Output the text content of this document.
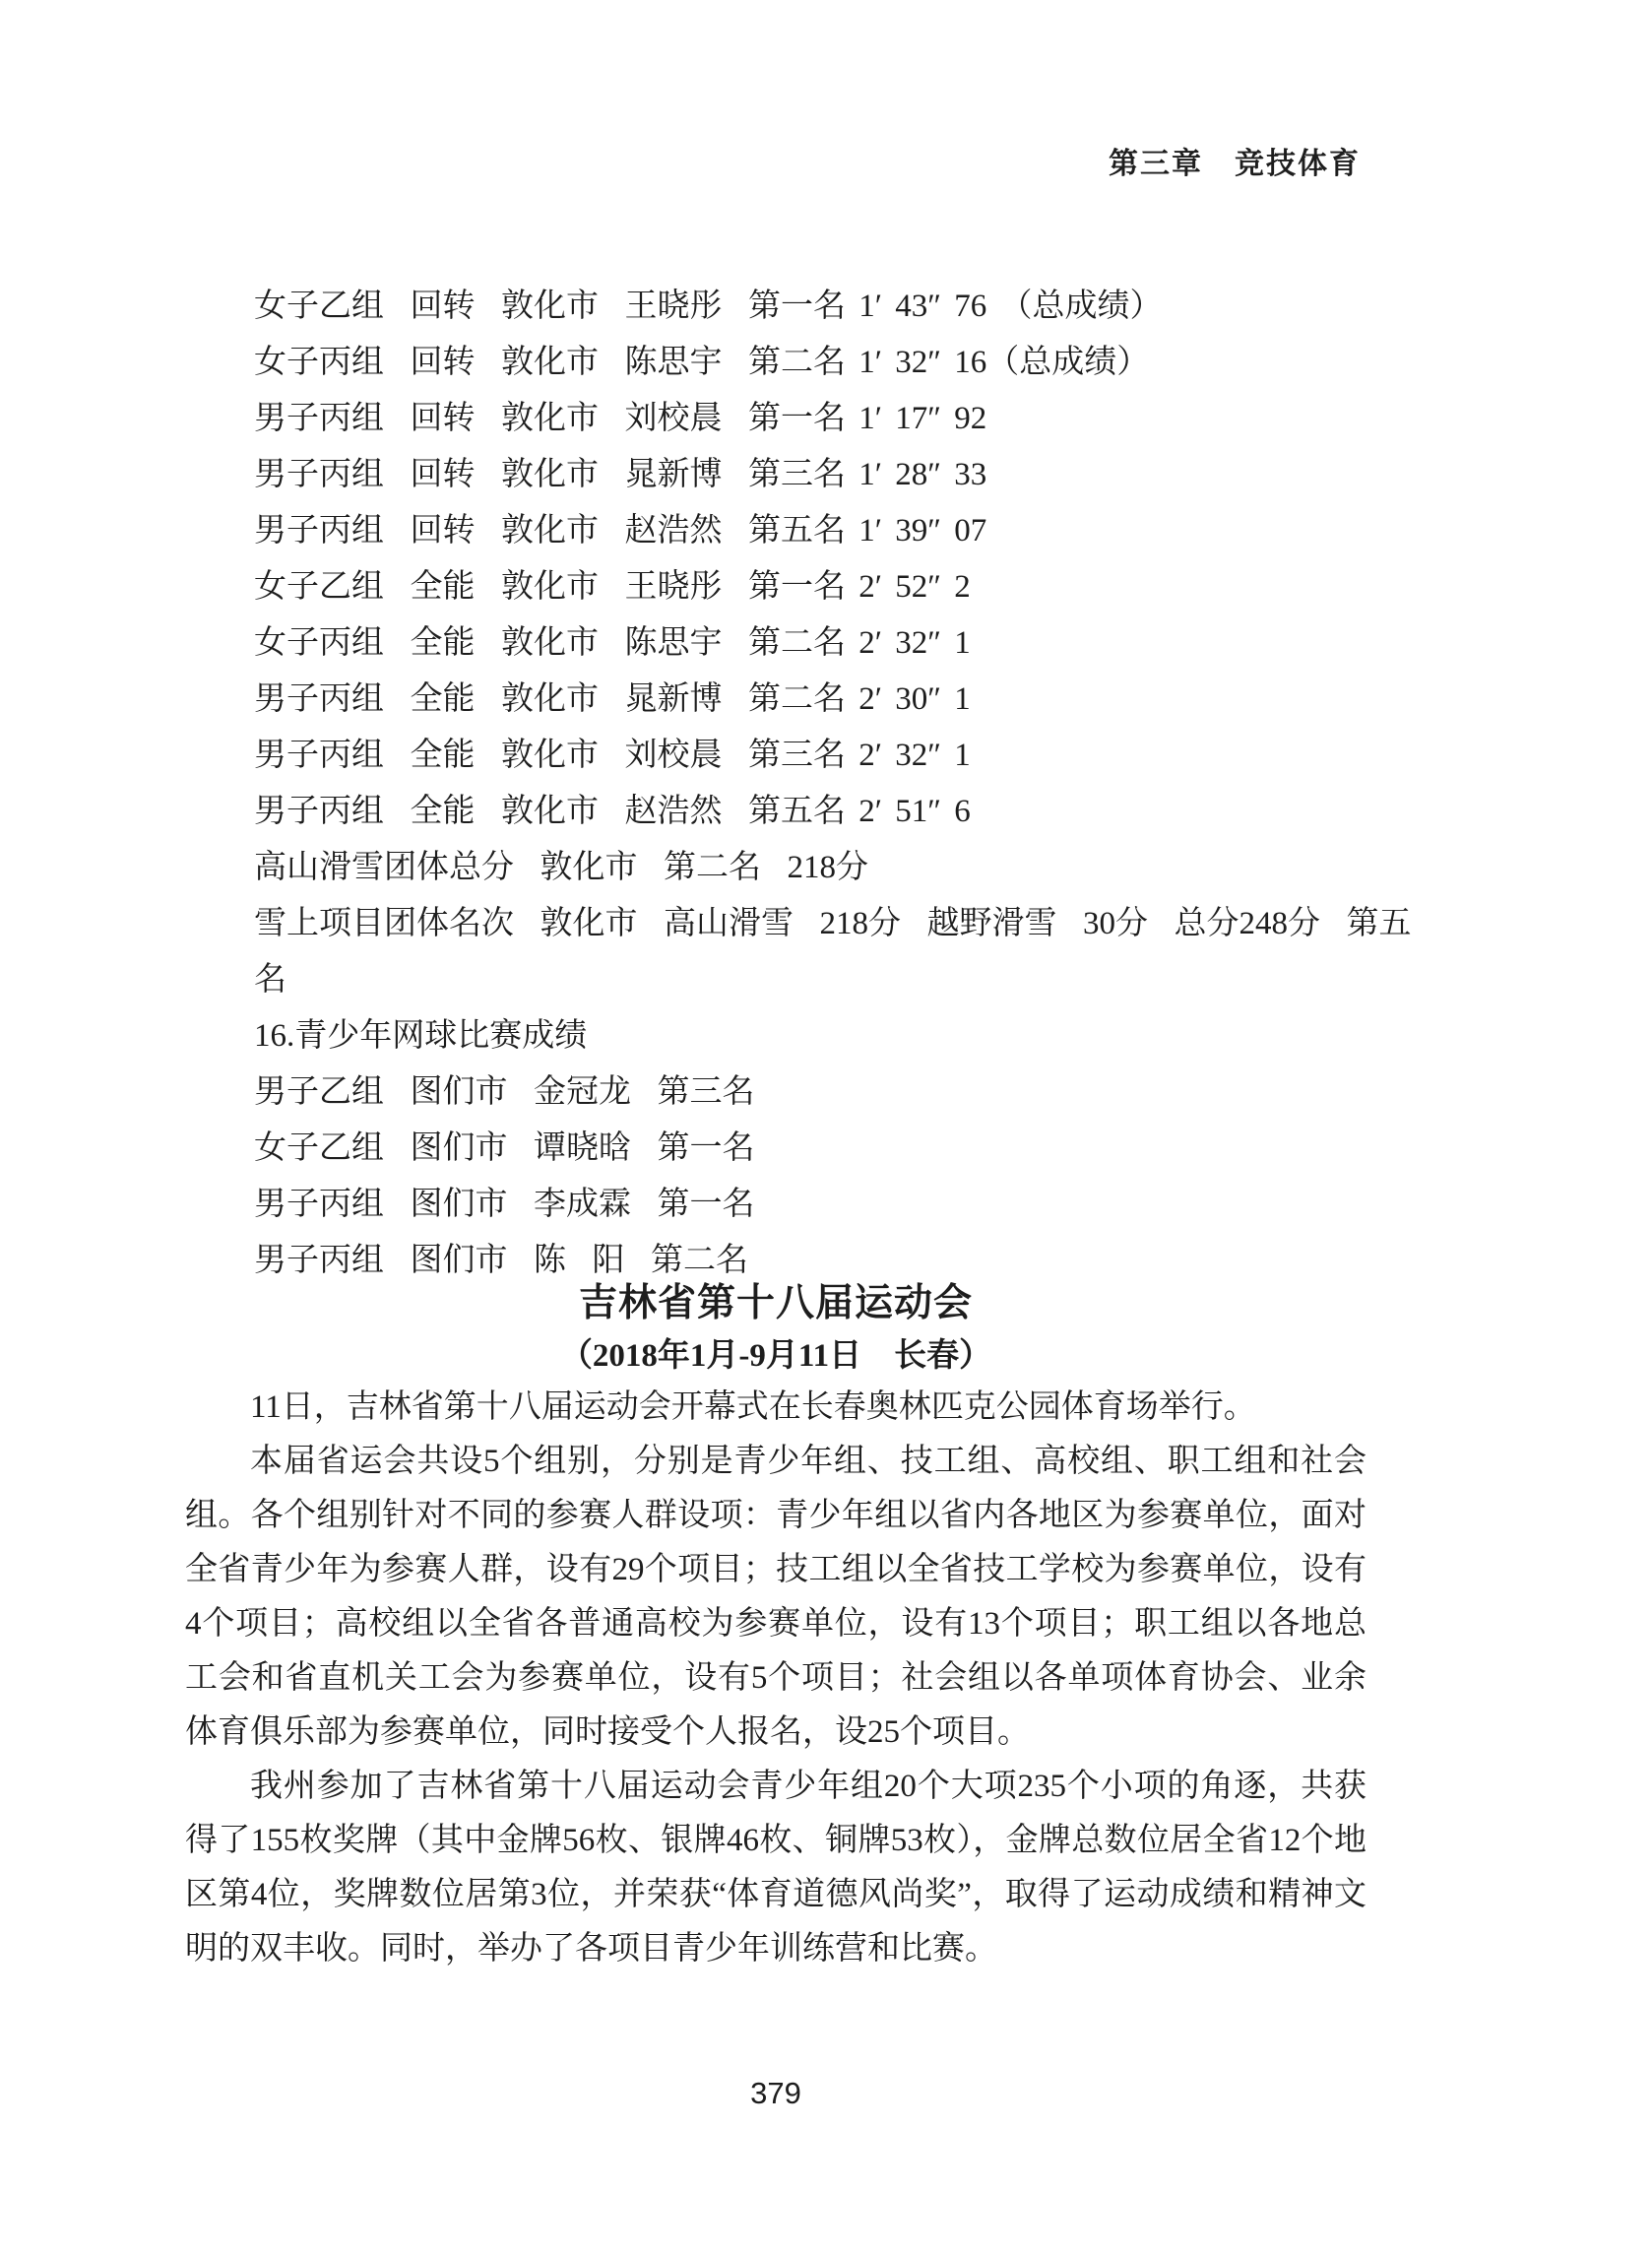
第三章　竞技体育
女子乙组  回转  敦化市  王晓彤  第一名 1′ 43″ 76 （总成绩）
女子丙组  回转  敦化市  陈思宇  第二名 1′ 32″ 16（总成绩）
男子丙组  回转  敦化市  刘校晨  第一名 1′ 17″ 92
男子丙组  回转  敦化市  晁新博  第三名 1′ 28″ 33
男子丙组  回转  敦化市  赵浩然  第五名 1′ 39″ 07
女子乙组  全能  敦化市  王晓彤  第一名 2′ 52″ 2
女子丙组  全能  敦化市  陈思宇  第二名 2′ 32″ 1
男子丙组  全能  敦化市  晁新博  第二名 2′ 30″ 1
男子丙组  全能  敦化市  刘校晨  第三名 2′ 32″ 1
男子丙组  全能  敦化市  赵浩然  第五名 2′ 51″ 6
高山滑雪团体总分  敦化市  第二名  218分
雪上项目团体名次  敦化市  高山滑雪  218分  越野滑雪  30分  总分248分  第五名
16.青少年网球比赛成绩
男子乙组  图们市  金冠龙  第三名
女子乙组  图们市  谭晓晗  第一名
男子丙组  图们市  李成霖  第一名
男子丙组  图们市  陈  阳  第二名
吉林省第十八届运动会
（2018年1月-9月11日　长春）

11日，吉林省第十八届运动会开幕式在长春奥林匹克公园体育场举行。

本届省运会共设5个组别，分别是青少年组、技工组、高校组、职工组和社会组。各个组别针对不同的参赛人群设项：青少年组以省内各地区为参赛单位，面对全省青少年为参赛人群，设有29个项目；技工组以全省技工学校为参赛单位，设有4个项目；高校组以全省各普通高校为参赛单位，设有13个项目；职工组以各地总工会和省直机关工会为参赛单位，设有5个项目；社会组以各单项体育协会、业余体育俱乐部为参赛单位，同时接受个人报名，设25个项目。

我州参加了吉林省第十八届运动会青少年组20个大项235个小项的角逐，共获得了155枚奖牌（其中金牌56枚、银牌46枚、铜牌53枚），金牌总数位居全省12个地区第4位，奖牌数位居第3位，并荣获“体育道德风尚奖”，取得了运动成绩和精神文明的双丰收。同时，举办了各项目青少年训练营和比赛。

379
